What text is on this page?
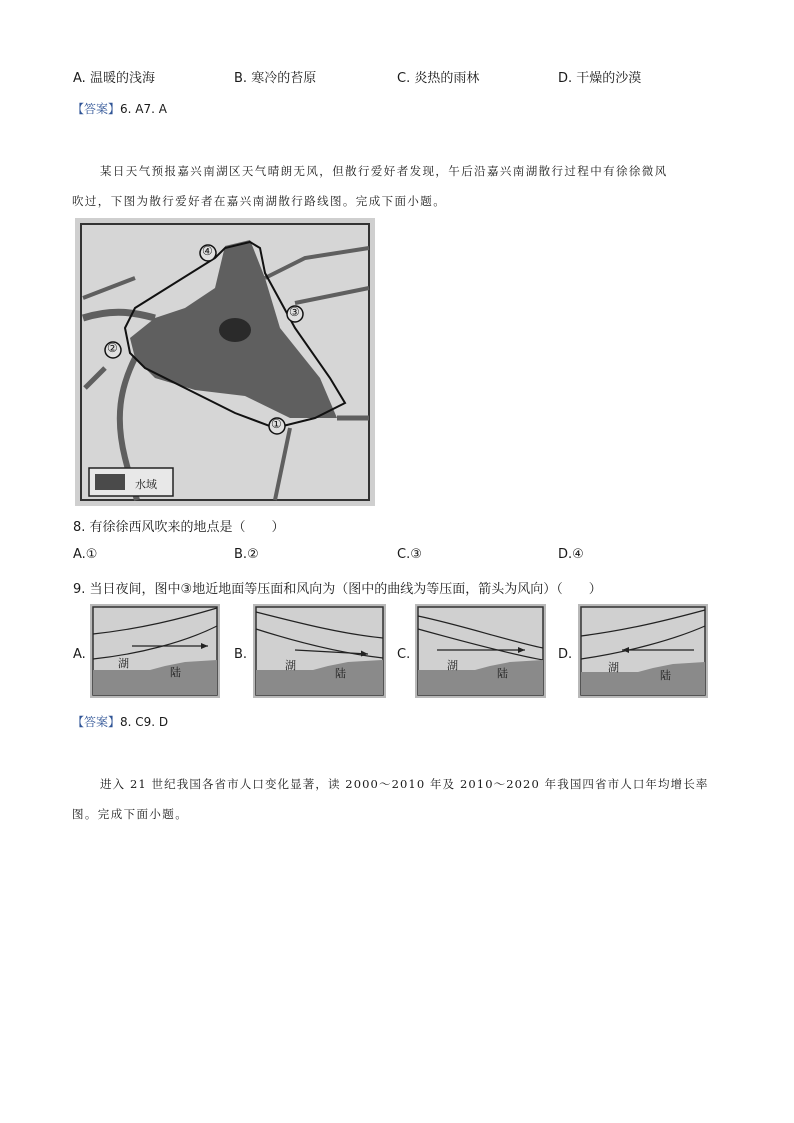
A. 温暖的浅海	B. 寒冷的苔原	C. 炎热的雨林	D. 干燥的沙漠
【答案】6. A7. A
某日天气预报嘉兴南湖区天气晴朗无风，但散行爱好者发现，午后沿嘉兴南湖散行过程中有徐徐微风
吹过，下图为散行爱好者在嘉兴南湖散行路线图。完成下面小题。
④
③
②
①
水域
8. 有徐徐西风吹来的地点是（　　）
A.①	B.②	C.③	D.④
9. 当日夜间，图中③地近地面等压面和风向为（图中的曲线为等压面，箭头为风向）（　　）
A.
湖
陆
B.
湖
陆
C.
湖
陆
D.
湖
陆
【答案】8. C9. D
进入 21 世纪我国各省市人口变化显著，读 2000～2010 年及 2010～2020 年我国四省市人口年均增长率
图。完成下面小题。
